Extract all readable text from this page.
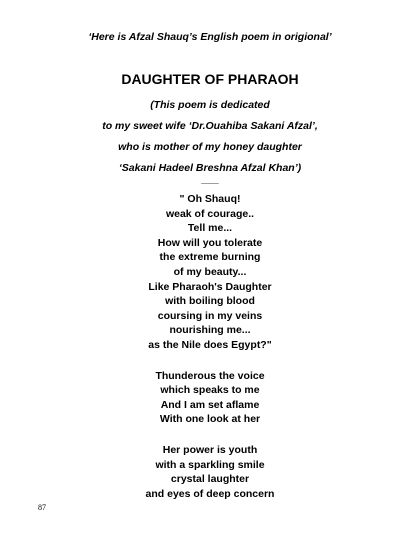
‘Here is Afzal Shauq’s English poem in origional’
DAUGHTER OF PHARAOH
(This poem is dedicated
to my sweet wife ‘Dr.Ouahiba Sakani Afzal’,
who is mother of my honey daughter
‘Sakani Hadeel Breshna Afzal Khan’)
___
" Oh Shauq!
weak of courage..
Tell me...
How will you tolerate
the extreme burning
of my beauty...
Like Pharaoh's Daughter
with boiling blood
coursing in my veins
nourishing me...
as the Nile does Egypt?"
Thunderous the voice
which speaks to me
And I am set aflame
With one look at her
Her power is youth
with a sparkling smile
crystal laughter
and eyes of deep concern
87
